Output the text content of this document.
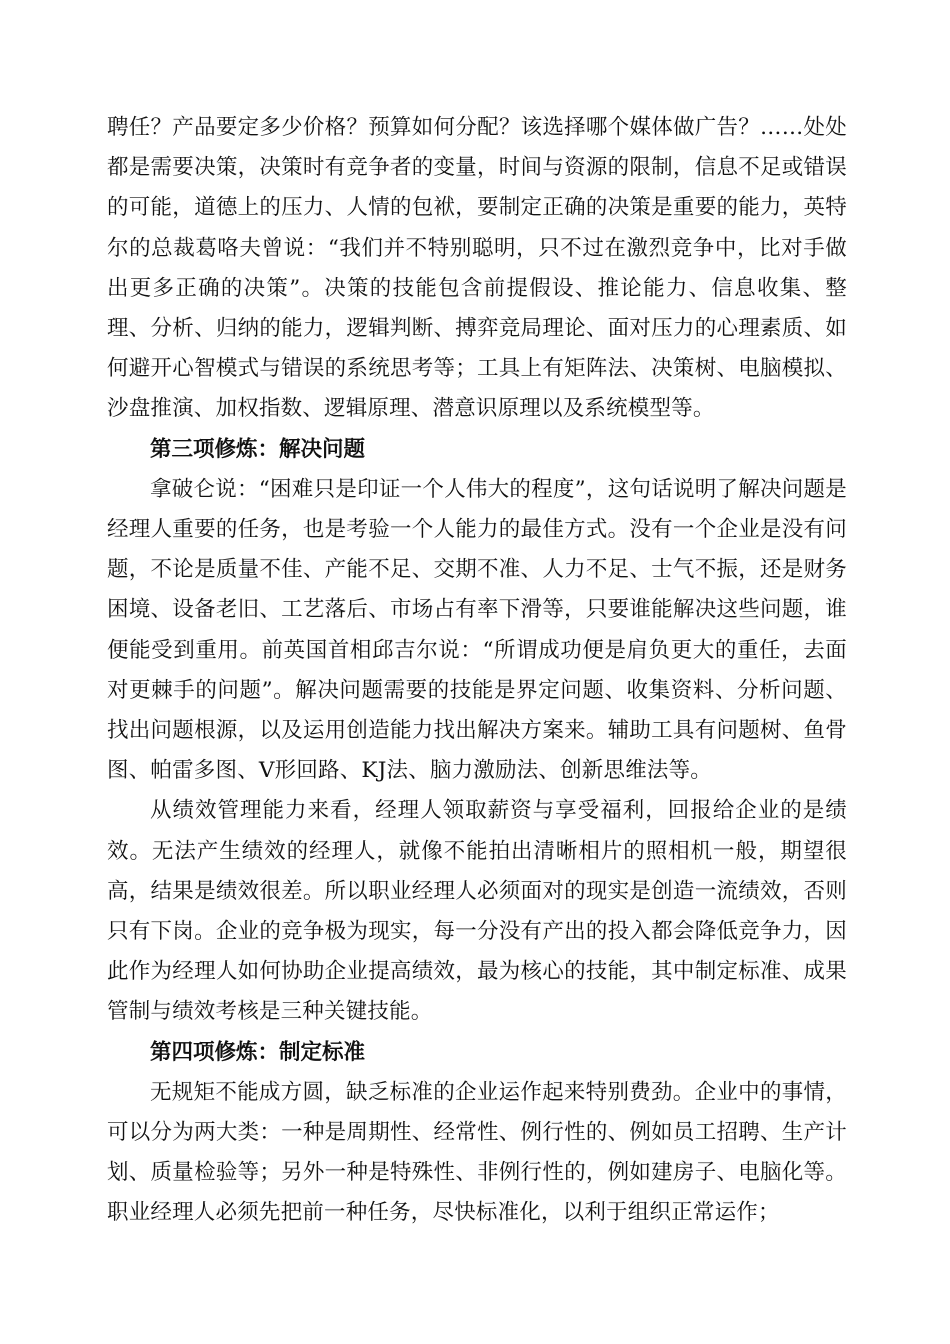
聘任？产品要定多少价格？预算如何分配？该选择哪个媒体做广告？……处处都是需要决策，决策时有竞争者的变量，时间与资源的限制，信息不足或错误的可能，道德上的压力、人情的包袱，要制定正确的决策是重要的能力，英特尔的总裁葛咯夫曾说：“我们并不特别聪明，只不过在激烈竞争中，比对手做出更多正确的决策”。决策的技能包含前提假设、推论能力、信息收集、整理、分析、归纳的能力，逻辑判断、搏弈竞局理论、面对压力的心理素质、如何避开心智模式与错误的系统思考等；工具上有矩阵法、决策树、电脑模拟、沙盘推演、加权指数、逻辑原理、潜意识原理以及系统模型等。

第三项修炼：解决问题

拿破仑说：“困难只是印证一个人伟大的程度”，这句话说明了解决问题是经理人重要的任务，也是考验一个人能力的最佳方式。没有一个企业是没有问题，不论是质量不佳、产能不足、交期不准、人力不足、士气不振，还是财务困境、设备老旧、工艺落后、市场占有率下滑等，只要谁能解决这些问题，谁便能受到重用。前英国首相邱吉尔说：“所谓成功便是肩负更大的重任，去面对更棘手的问题”。解决问题需要的技能是界定问题、收集资料、分析问题、找出问题根源，以及运用创造能力找出解决方案来。辅助工具有问题树、鱼骨图、帕雷多图、V形回路、KJ法、脑力激励法、创新思维法等。

从绩效管理能力来看，经理人领取薪资与享受福利，回报给企业的是绩效。无法产生绩效的经理人，就像不能拍出清晰相片的照相机一般，期望很高，结果是绩效很差。所以职业经理人必须面对的现实是创造一流绩效，否则只有下岗。企业的竞争极为现实，每一分没有产出的投入都会降低竞争力，因此作为经理人如何协助企业提高绩效，最为核心的技能，其中制定标准、成果管制与绩效考核是三种关键技能。

第四项修炼：制定标准

无规矩不能成方圆，缺乏标准的企业运作起来特别费劲。企业中的事情，可以分为两大类：一种是周期性、经常性、例行性的、例如员工招聘、生产计划、质量检验等；另外一种是特殊性、非例行性的，例如建房子、电脑化等。职业经理人必须先把前一种任务，尽快标准化，以利于组织正常运作；
